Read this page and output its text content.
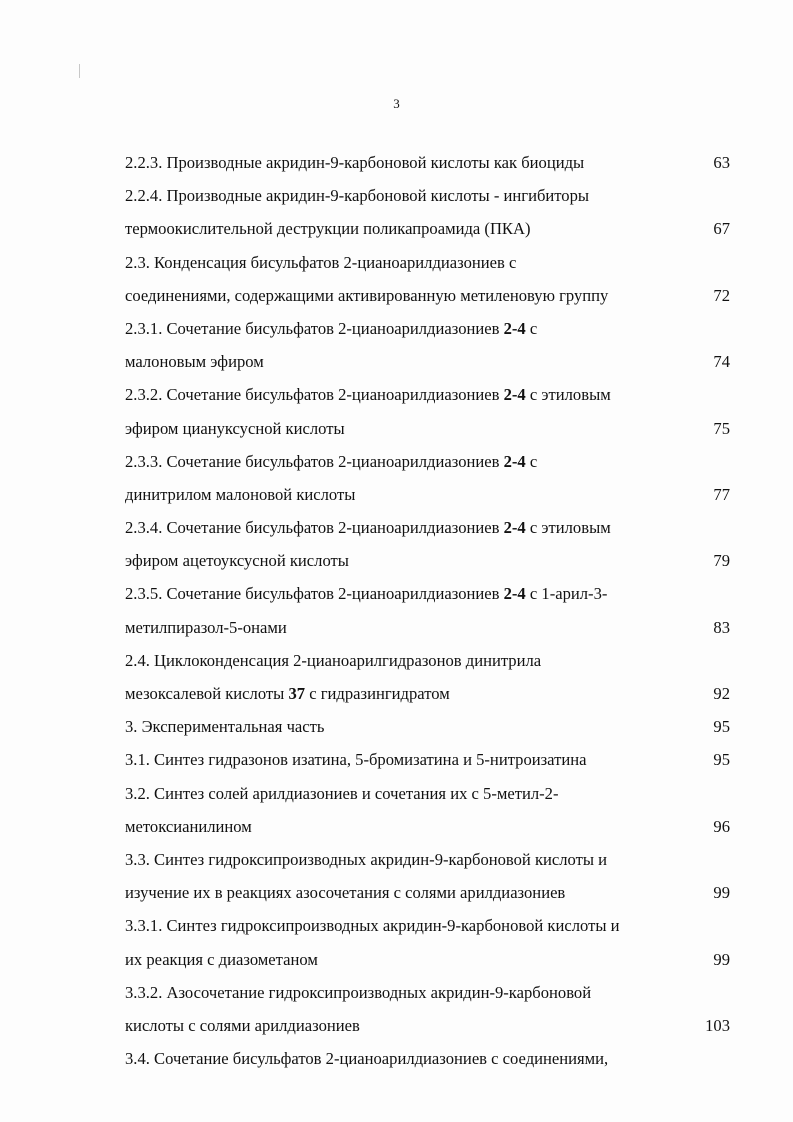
3
2.2.3. Производные акридин-9-карбоновой кислоты как биоциды	63
2.2.4. Производные акридин-9-карбоновой кислоты - ингибиторы
термоокислительной деструкции поликапроамида (ПКА)	67
2.3. Конденсация бисульфатов 2-цианоарилдиазониев с
соединениями, содержащими активированную метиленовую группу	72
2.3.1. Сочетание бисульфатов 2-цианоарилдиазониев 2-4 с
малоновым эфиром	74
2.3.2. Сочетание бисульфатов 2-цианоарилдиазониев 2-4 с этиловым
эфиром циануксусной кислоты	75
2.3.3. Сочетание бисульфатов 2-цианоарилдиазониев 2-4 с
динитрилом малоновой кислоты	77
2.3.4. Сочетание бисульфатов 2-цианоарилдиазониев 2-4 с этиловым
эфиром ацетоуксусной кислоты	79
2.3.5. Сочетание бисульфатов 2-цианоарилдиазониев 2-4 с 1-арил-3-
метилпиразол-5-онами	83
2.4. Циклоконденсация 2-цианоарилгидразонов динитрила
мезоксалевой кислоты 37 с гидразингидратом	92
3. Экспериментальная часть	95
3.1. Синтез гидразонов изатина, 5-бромизатина и 5-нитроизатина	95
3.2. Синтез солей арилдиазониев и сочетания их с 5-метил-2-
метоксианилином	96
3.3. Синтез гидроксипроизводных акридин-9-карбоновой кислоты и
изучение их в реакциях азосочетания с солями арилдиазониев	99
3.3.1. Синтез гидроксипроизводных акридин-9-карбоновой кислоты и
их реакция с диазометаном	99
3.3.2. Азосочетание гидроксипроизводных акридин-9-карбоновой
кислоты с солями арилдиазониев	103
3.4. Сочетание бисульфатов 2-цианоарилдиазониев с соединениями,
